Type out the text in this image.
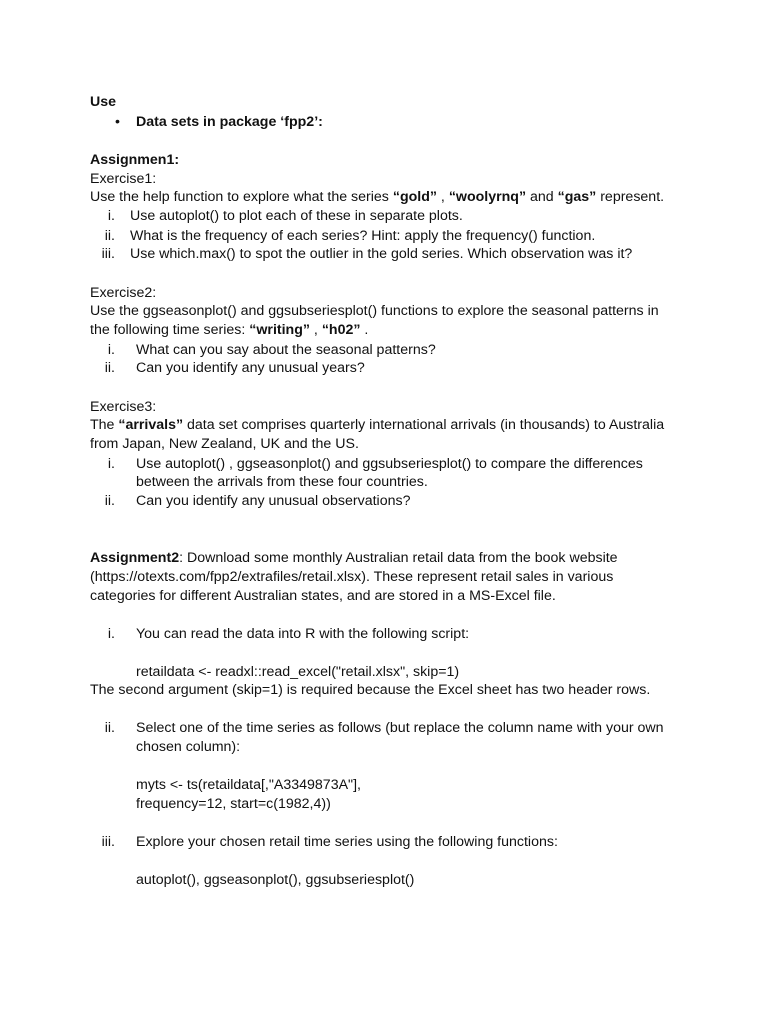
Use
• Data sets in package ‘fpp2’:
Assignmen1:
Exercise1:
Use the help function to explore what the series “gold” , “woolyrnq” and “gas” represent.
i. Use autoplot() to plot each of these in separate plots.
ii. What is the frequency of each series? Hint: apply the frequency() function.
iii. Use which.max() to spot the outlier in the gold series. Which observation was it?
Exercise2:
Use the ggseasonplot() and ggsubseriesplot() functions to explore the seasonal patterns in
the following time series: “writing” , “h02” .
i. What can you say about the seasonal patterns?
ii. Can you identify any unusual years?
Exercise3:
The “arrivals” data set comprises quarterly international arrivals (in thousands) to Australia
from Japan, New Zealand, UK and the US.
i. Use autoplot() , ggseasonplot() and ggsubseriesplot() to compare the differences
between the arrivals from these four countries.
ii. Can you identify any unusual observations?
Assignment2: Download some monthly Australian retail data from the book website
(https://otexts.com/fpp2/extrafiles/retail.xlsx). These represent retail sales in various
categories for different Australian states, and are stored in a MS-Excel file.
i. You can read the data into R with the following script:
retaildata <- readxl::read_excel("retail.xlsx", skip=1)
The second argument (skip=1) is required because the Excel sheet has two header rows.
ii. Select one of the time series as follows (but replace the column name with your own
chosen column):
myts <- ts(retaildata[,"A3349873A"],
frequency=12, start=c(1982,4))
iii. Explore your chosen retail time series using the following functions:
autoplot(), ggseasonplot(), ggsubseriesplot()
